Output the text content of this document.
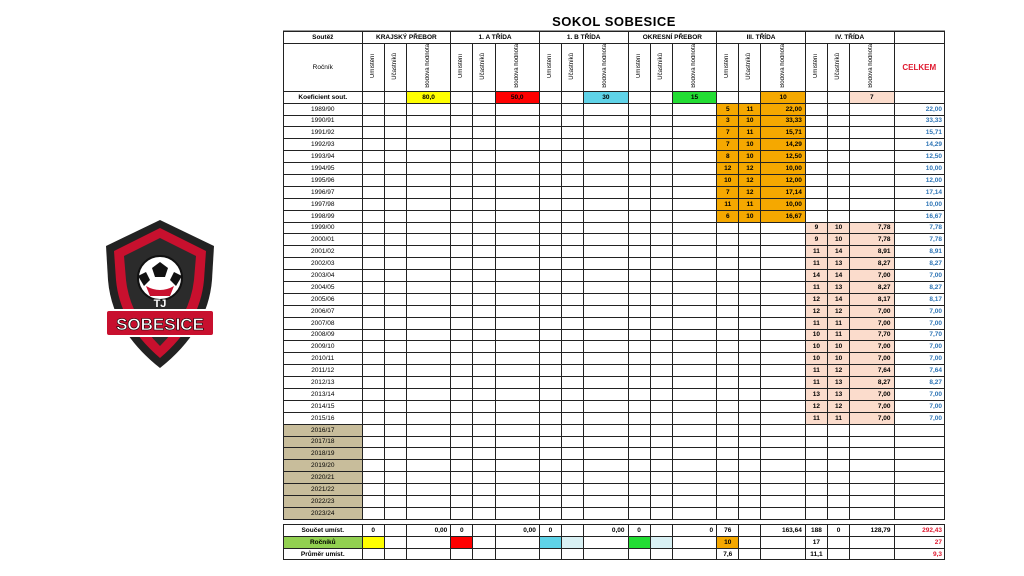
TJ
SOBESICE
SOKOL SOBESICE
Soutěž	KRAJSKÝ PŘEBOR			1. A TŘÍDA			1. B TŘÍDA			OKRESNÍ PŘEBOR			III. TŘÍDA			IV. TŘÍDA			
Ročník	Umístění	Účastníků	Bodová hodnota	Umístění	Účastníků	Bodová hodnota	Umístění	Účastníků	Bodová hodnota	Umístění	Účastníků	Bodová hodnota	Umístění	Účastníků	Bodová hodnota	Umístění	Účastníků	Bodová hodnota	CELKEM
Koeficient sout.			80,0			50,0			30			15			10			7	
1989/90													5	11	22,00				22,00
1990/91													3	10	33,33				33,33
1991/92													7	11	15,71				15,71
1992/93													7	10	14,29				14,29
1993/94													8	10	12,50				12,50
1994/95													12	12	10,00				10,00
1995/96													10	12	12,00				12,00
1996/97													7	12	17,14				17,14
1997/98													11	11	10,00				10,00
1998/99													6	10	16,67				16,67
1999/00																9	10	7,78	7,78
2000/01																9	10	7,78	7,78
2001/02																11	14	8,91	8,91
2002/03																11	13	8,27	8,27
2003/04																14	14	7,00	7,00
2004/05																11	13	8,27	8,27
2005/06																12	14	8,17	8,17
2006/07																12	12	7,00	7,00
2007/08																11	11	7,00	7,00
2008/09																10	11	7,70	7,70
2009/10																10	10	7,00	7,00
2010/11																10	10	7,00	7,00
2011/12																11	12	7,64	7,64
2012/13																11	13	8,27	8,27
2013/14																13	13	7,00	7,00
2014/15																12	12	7,00	7,00
2015/16																11	11	7,00	7,00
2016/17																			
2017/18																			
2018/19																			
2019/20																			
2020/21																			
2021/22																			
2022/23																			
2023/24																			

Součet umíst.	0		0,00	0		0,00	0		0,00	0		0	76		163,64	188	0	128,79	292,43
Ročníků													10			17			27
Průměr umíst.													7,6			11,1			9,3
